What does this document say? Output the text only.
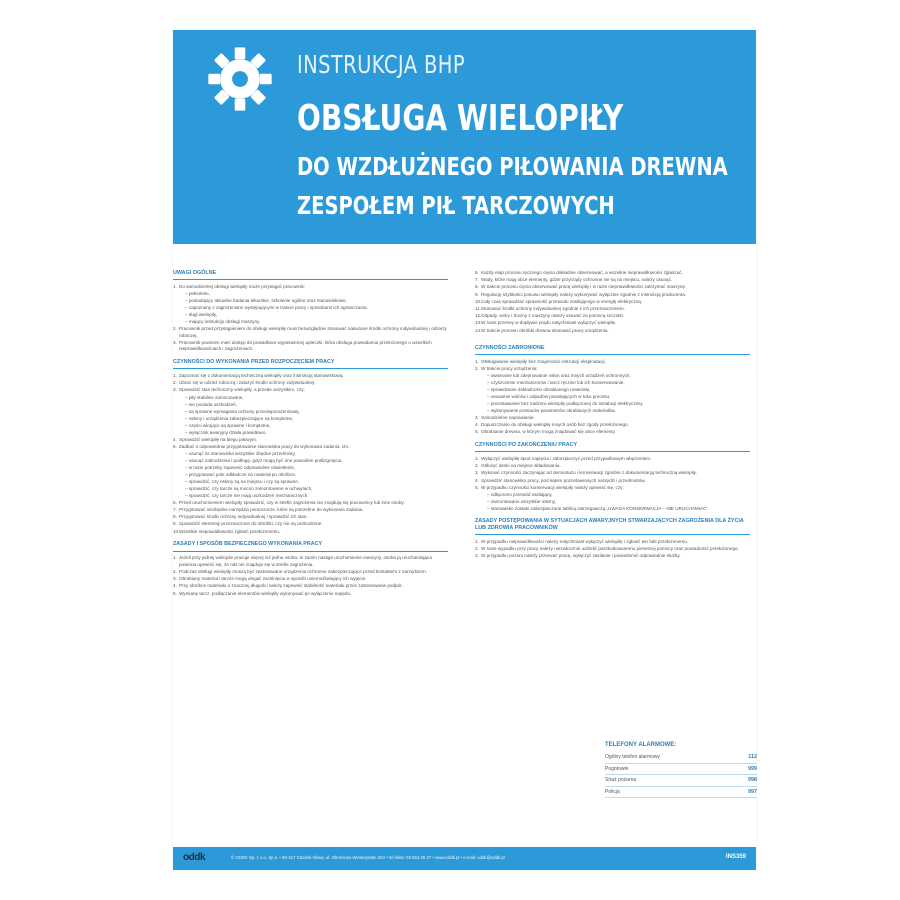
INSTRUKCJA BHP
OBSŁUGA WIELOPIŁY
DO WZDŁUŻNEGO PIŁOWANIA DREWNA
ZESPOŁEM PIŁ TARCZOWYCH
UWAGI OGÓLNE
1. Do samodzielnej obsługi wielopiły może przystąpić pracownik:
– pełnoletni,
– posiadający aktualne badania lekarskie, szkolenie ogólne oraz stanowiskowe,
– zapoznany z zagrożeniami występującymi w trakcie pracy i sposobami ich ograniczania,
– dugi wielopiły,
– mający instrukcję obsługi maszyny.
2. Pracownik przed przystąpieniem do obsługi wielopiły musi bezwzględnie stosować nakazane środki ochrony indywidualnej i odzieży roboczej.
3. Pracownik powinien mieć dostęp do prawidłowo wyposażonej apteczki, która obsługa powiadamia przełożonego o wszelkich nieprawidłowościach i zagrożeniach.
CZYNNOŚCI DO WYKONANIA PRZED ROZPOCZĘCIEM PRACY
1. Zapoznać się z dokumentacją techniczną wielopiły oraz instrukcją stanowiskową.
2. Ubrać się w odzież roboczą i założyć środki ochrony indywidualnej.
3. Sprawdzić stan techniczny wielopiły, a przede wszystkim, czy:
– piły stabilnie zamocowane,
– nie posiada uszkodzeń,
– są sprawne wymagania ochrony przeciwporażeniowej,
– osłony i urządzenia zabezpieczające są kompletne,
– części wirujące są sprawne i kompletne,
– wyłącznik awaryjny działa prawidłowo.
4. Sprawdzić wielopiłę na biegu jałowym.
5. Zadbać o odpowiednie przygotowanie stanowiska pracy do wykonania zadania, tzn.:
– usunąć ze stanowiska wszystkie zbędne przedmioty,
– usunąć zabrudzenia i podłogę, gdyż mogą być one powodem poślizgnięcia,
– w razie potrzeby zapewnić odpowiednie oświetlenie,
– przygotować pole odkładcze na materiał po obróbce,
– sprawdzić, czy osłony są na miejscu i czy są sprawne,
– sprawdzić, czy tarcze są mocno zamontowane w uchwytach,
– sprawdzić, czy tarcze nie mają uszkodzeń mechanicznych.
6. Przed uruchomieniem wielopiły sprawdzić, czy w strefie zagrożenia nie znajdują się pracownicy lub inne osoby.
7. Przygotować niezbędne narzędzia pomocnicze, które są potrzebne do wykonania zadania.
8. Przygotować środki ochrony indywidualnej i sprawdzić ich stan.
9. Sprawdzić elementy przeznaczone do obróbki, czy nie są uszkodzone.
10. Wszelkie nieprawidłowości zgłosić przełożonemu.
ZASADY I SPOSÓB BEZPIECZNEGO WYKONANIA PRACY
1. Jeżeli przy jednej wielopile pracuje więcej niż jedna osoba, to zanim nastąpi uruchomienie maszyny, osoba ją uruchamiająca powinna upewnić się, że nikt nie znajduje się w strefie zagrożenia.
2. Podczas obsługi wielopiły muszą być zastosowane urządzenia ochronne zabezpieczające przed kontaktem z narzędziem.
3. Obrabiany materiał i tarcze mogą ulegać zaciśnięciu w sposób uniemożliwiający ich wyjęcie.
4. Przy obróbce materiału o znacznej długości należy zapewnić stabilność materiału przez zastosowanie podpór.
5. Wymianę tarcz, podłączanie elementów wielopiły wykonywać po wyłączeniu napędu.
6. Każdy etap procesu ręcznego cięcia dokładnie obserwować, a wszelkie nieprawidłowości zgłaszać.
7. Wady, które mają obce elementy, gdzie przyrządy ochronne nie są na miejscu, należy usunąć.
8. W trakcie procesu cięcia obserwować pracę wielopiły i w razie nieprawidłowości zatrzymać maszynę.
9. Regulację szybkości posuwu wielopiły należy wykonywać wyłącznie zgodnie z instrukcją producenta.
10. Cały czas sprawdzać sprawność przewodu zasilającego w energię elektryczną.
11. Stosować środki ochrony indywidualnej zgodnie z ich przeznaczeniem.
12. Odpady, wióry i trociny z maszyny należy usuwać za pomocą szczotki.
13. W razie przerwy w dopływie prądu natychmiast wyłączyć wielopiłę.
14. W trakcie procesu obróbki drewna stosować pracę urządzenia.
CZYNNOŚCI ZABRONIONE
1. Obsługiwanie wielopiły bez znajomości instrukcji eksploatacji.
2. W trakcie pracy urządzenia:
– otwieranie lub zdejmowanie osłon oraz innych urządzeń ochronnych,
– czyszczenie mechanizmów i tarcz ręcznie lub ich konserwowanie,
– sprawdzanie dokładności obrabianego materiału,
– usuwanie wiórów i odpadów powstających w toku procesu,
– pozostawianie bez nadzoru wielopiły podłączonej do instalacji elektrycznej,
– wykonywanie pomiarów parametrów obrabianych materiałów.
3. Samodzielne naprawianie.
4. Dopuszczanie do obsługi wielopiły innych osób bez zgody przełożonego.
5. Obrabianie drewna, w którym mogą znajdować się obce elementy.
CZYNNOŚCI PO ZAKOŃCZENIU PRACY
1. Wyłączyć wielopiłę spod napięcia i zabezpieczyć przed przypadkowym włączeniem.
2. Odłożyć deski na miejsce składowania.
3. Wykonać czynności zaczynając od demontażu i konserwacji zgodnie z dokumentacją techniczną wielopiły.
4. Sprawdzić stanowisko pracy, pod kątem pozostawionych narzędzi i przedmiotów.
5. W przypadku czynności konserwacji wielopiły należy upewnić się, czy:
– odłączono przewód zasilający,
– zamontowano wszystkie osłony,
– stanowisko zostało zabezpieczone tablicą ostrzegawczą „UWAGA KONSERWACJA – NIE URUCHAMIAĆ”.
ZASADY POSTĘPOWANIA W SYTUACJACH AWARYJNYCH STWARZAJĄCYCH ZAGROŻENIA DLA ŻYCIA LUB ZDROWIA PRACOWNIKÓW
1. W przypadku nieprawidłowości należy natychmiast wyłączyć wielopiłę i zgłosić ten fakt przełożonemu.
2. W razie wypadku przy pracy należy niezwłocznie udzielić poszkodowanemu pierwszej pomocy oraz powiadomić przełożonego.
3. W przypadku pożaru należy przerwać pracę, wyłączyć zasilanie i powiadomić odpowiednie służby.
TELEFONY ALARMOWE:
Ogólny telefon alarmowy	112
Pogotowie	999
Straż pożarna	998
Policja	997
oddk	© ODDK Sp. z o.o. Sp.k. • 80-317 Gdańsk-Oliwa, ul. Obrońców Westerplatte 32A • tel./faks: 58 554 29 37 • www.oddk.pl • e-mail: oddk@oddk.pl	INS359
